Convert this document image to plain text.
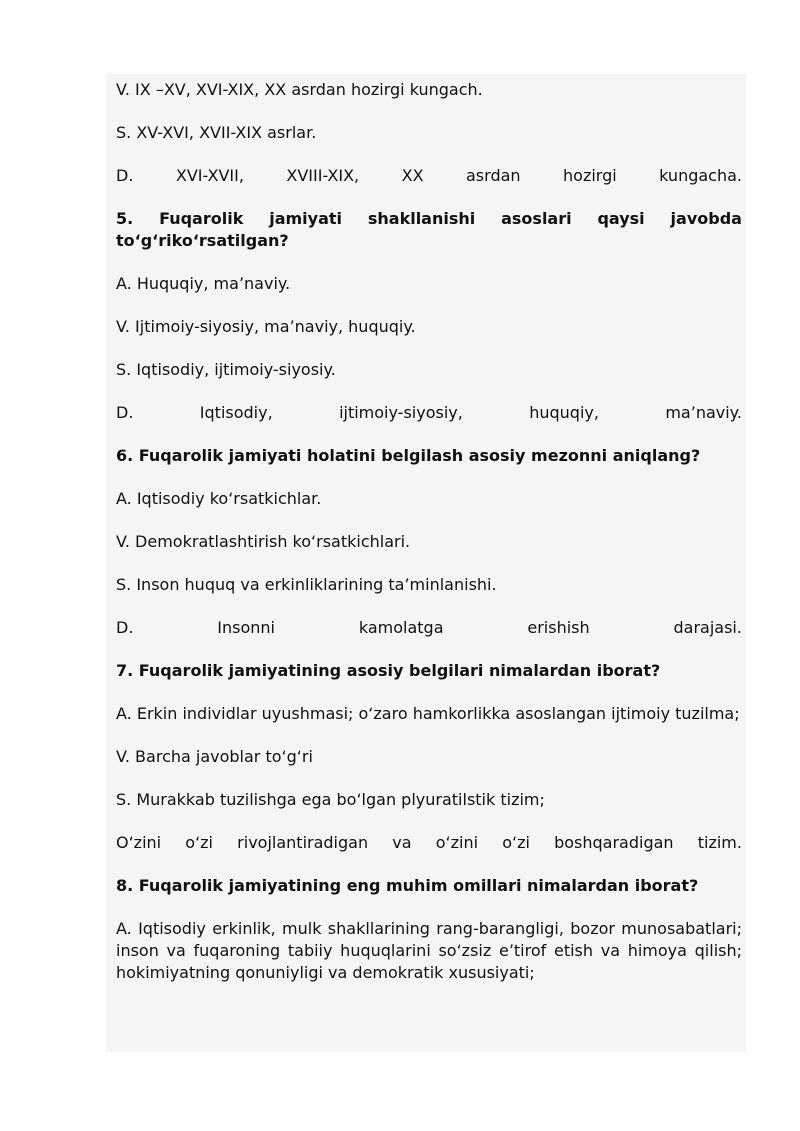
V. IX –XV, XVI-XIX, XX asrdan hozirgi kungach.
S. XV-XVI, XVII-XIX asrlar.
D.	XVI-XVII,	XVIII-XIX,	XX	asrdan	hozirgi	kungacha.
5. Fuqarolik jamiyati shakllanishi asoslari qaysi javobda
to‘g‘riko‘rsatilgan?
A. Huquqiy, ma’naviy.
V. Ijtimoiy-siyosiy, ma’naviy, huquqiy.
S. Iqtisodiy, ijtimoiy-siyosiy.
D.	Iqtisodiy,	ijtimoiy-siyosiy,	huquqiy,	ma’naviy.
6. Fuqarolik jamiyati holatini belgilash asosiy mezonni aniqlang?
A. Iqtisodiy ko‘rsatkichlar.
V. Demokratlashtirish ko‘rsatkichlari.
S. Inson huquq va erkinliklarining ta’minlanishi.
D.	Insonni	kamolatga	erishish	darajasi.
7. Fuqarolik jamiyatining asosiy belgilari nimalardan iborat?
A. Erkin individlar uyushmasi; o‘zaro hamkorlikka asoslangan ijtimoiy tuzilma;
V. Barcha javoblar to‘g‘ri
S. Murakkab tuzilishga ega bo‘lgan plyuratilstik tizim;
O‘zini o‘zi rivojlantiradigan va o‘zini o‘zi boshqaradigan tizim.
8. Fuqarolik jamiyatining eng muhim omillari nimalardan iborat?
A. Iqtisodiy erkinlik, mulk shakllarining rang-barangligi, bozor munosabatlari; inson va fuqaroning tabiiy huquqlarini so‘zsiz e’tirof etish va himoya qilish; hokimiyatning qonuniyligi va demokratik xususiyati;
